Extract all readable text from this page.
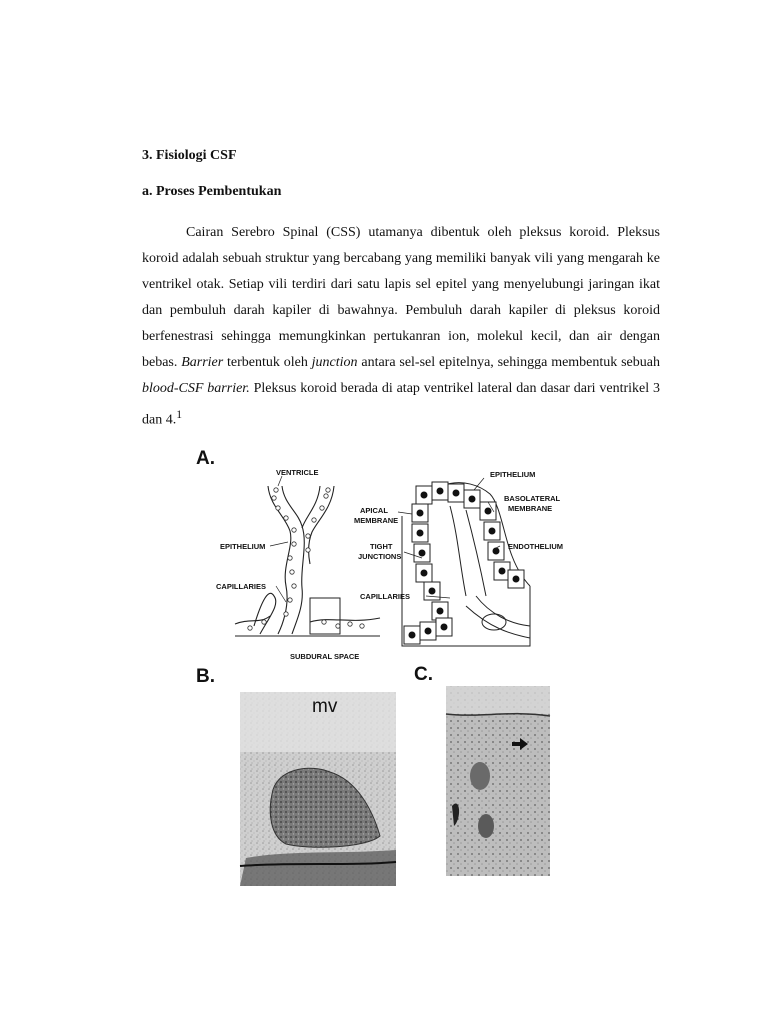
3. Fisiologi CSF
a. Proses Pembentukan

Cairan Serebro Spinal (CSS) utamanya dibentuk oleh pleksus koroid. Pleksus koroid adalah sebuah struktur yang bercabang yang memiliki banyak vili yang mengarah ke ventrikel otak. Setiap vili terdiri dari satu lapis sel epitel yang menyelubungi jaringan ikat dan pembuluh darah kapiler di bawahnya. Pembuluh darah kapiler di pleksus koroid berfenestrasi sehingga memungkinkan pertukanran ion, molekul kecil, dan air dengan bebas. Barrier terbentuk oleh junction antara sel-sel epitelnya, sehingga membentuk sebuah blood-CSF barrier. Pleksus koroid berada di atap ventrikel lateral dan dasar dari ventrikel 3 dan 4.$^1$

A.
B.	C.
VENTRICLE
EPITHELIUM
CAPILLARIES
SUBDURAL SPACE
EPITHELIUM
BASOLATERAL
MEMBRANE
APICAL
MEMBRANE
TIGHT
JUNCTIONS
ENDOTHELIUM
CAPILLARIES
mv
